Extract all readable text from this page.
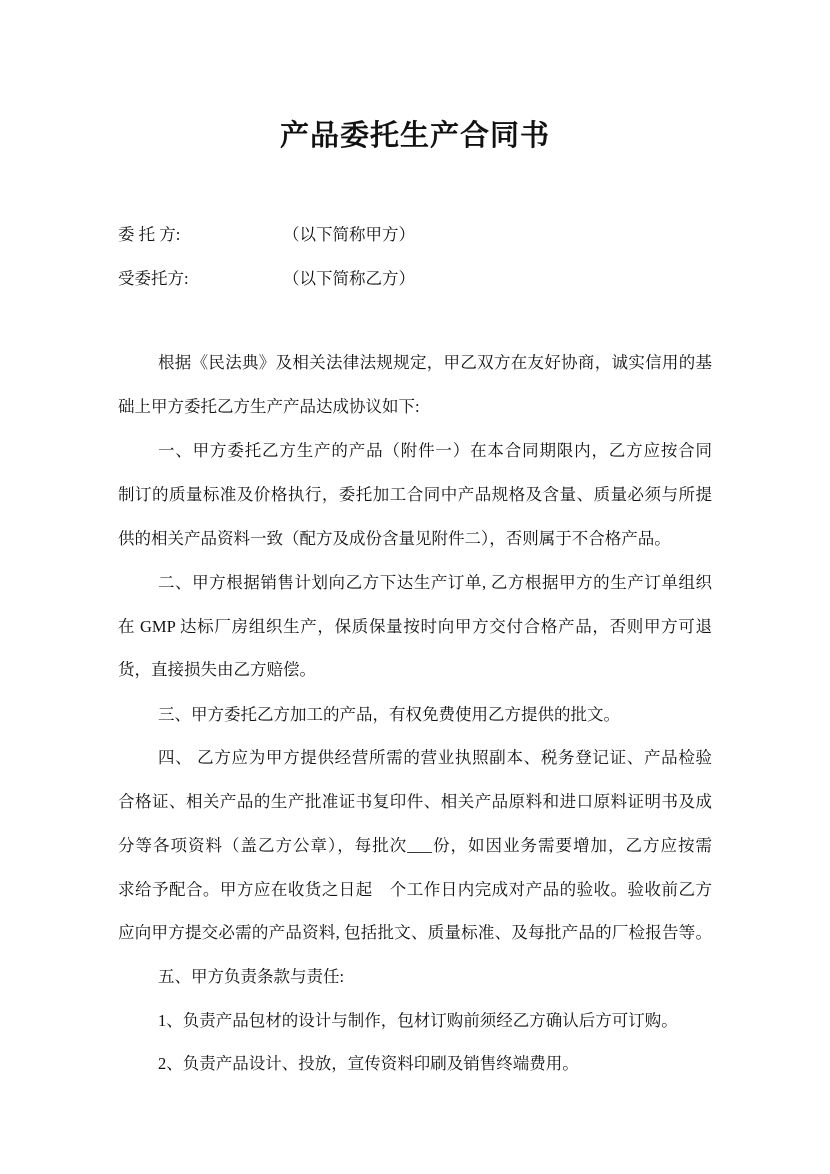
产品委托生产合同书
委 托 方:	（以下简称甲方）
受委托方:	（以下简称乙方）
根据《民法典》及相关法律法规规定，甲乙双方在友好协商，诚实信用的基
础上甲方委托乙方生产产品达成协议如下:
一、甲方委托乙方生产的产品（附件一）在本合同期限内，乙方应按合同
制订的质量标准及价格执行，委托加工合同中产品规格及含量、质量必须与所提
供的相关产品资料一致（配方及成份含量见附件二），否则属于不合格产品。
二、甲方根据销售计划向乙方下达生产订单, 乙方根据甲方的生产订单组织
在 GMP 达标厂房组织生产，保质保量按时向甲方交付合格产品，否则甲方可退
货，直接损失由乙方赔偿。
三、甲方委托乙方加工的产品，有权免费使用乙方提供的批文。
四、 乙方应为甲方提供经营所需的营业执照副本、税务登记证、产品检验
合格证、相关产品的生产批准证书复印件、相关产品原料和进口原料证明书及成
分等各项资料（盖乙方公章），每批次___份，如因业务需要增加，乙方应按需
求给予配合。甲方应在收货之日起　个工作日内完成对产品的验收。验收前乙方
应向甲方提交必需的产品资料, 包括批文、质量标准、及每批产品的厂检报告等。
五、甲方负责条款与责任:
1、负责产品包材的设计与制作，包材订购前须经乙方确认后方可订购。
2、负责产品设计、投放，宣传资料印刷及销售终端费用。
